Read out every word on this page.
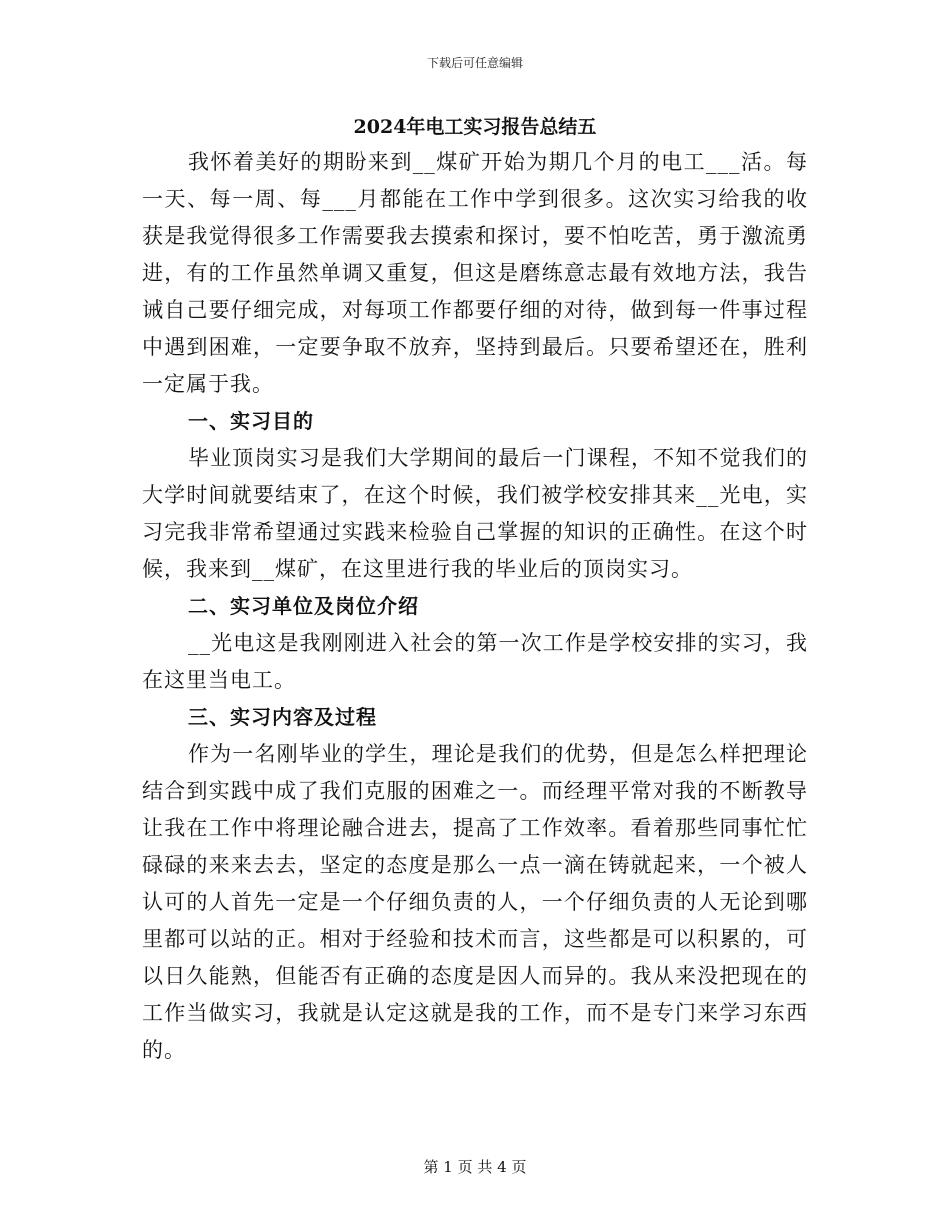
下载后可任意编辑
2024年电工实习报告总结五

我怀着美好的期盼来到__煤矿开始为期几个月的电工___活。每一天、每一周、每___月都能在工作中学到很多。这次实习给我的收获是我觉得很多工作需要我去摸索和探讨，要不怕吃苦，勇于激流勇进，有的工作虽然单调又重复，但这是磨练意志最有效地方法，我告诫自己要仔细完成，对每项工作都要仔细的对待，做到每一件事过程中遇到困难，一定要争取不放弃，坚持到最后。只要希望还在，胜利一定属于我。

一、实习目的

毕业顶岗实习是我们大学期间的最后一门课程，不知不觉我们的大学时间就要结束了，在这个时候，我们被学校安排其来__光电，实习完我非常希望通过实践来检验自己掌握的知识的正确性。在这个时候，我来到__煤矿，在这里进行我的毕业后的顶岗实习。

二、实习单位及岗位介绍

__光电这是我刚刚进入社会的第一次工作是学校安排的实习，我在这里当电工。

三、实习内容及过程

作为一名刚毕业的学生，理论是我们的优势，但是怎么样把理论结合到实践中成了我们克服的困难之一。而经理平常对我的不断教导让我在工作中将理论融合进去，提高了工作效率。看着那些同事忙忙碌碌的来来去去，坚定的态度是那么一点一滴在铸就起来，一个被人认可的人首先一定是一个仔细负责的人，一个仔细负责的人无论到哪里都可以站的正。相对于经验和技术而言，这些都是可以积累的，可以日久能熟，但能否有正确的态度是因人而异的。我从来没把现在的工作当做实习，我就是认定这就是我的工作，而不是专门来学习东西的。

第 1 页 共 4 页
